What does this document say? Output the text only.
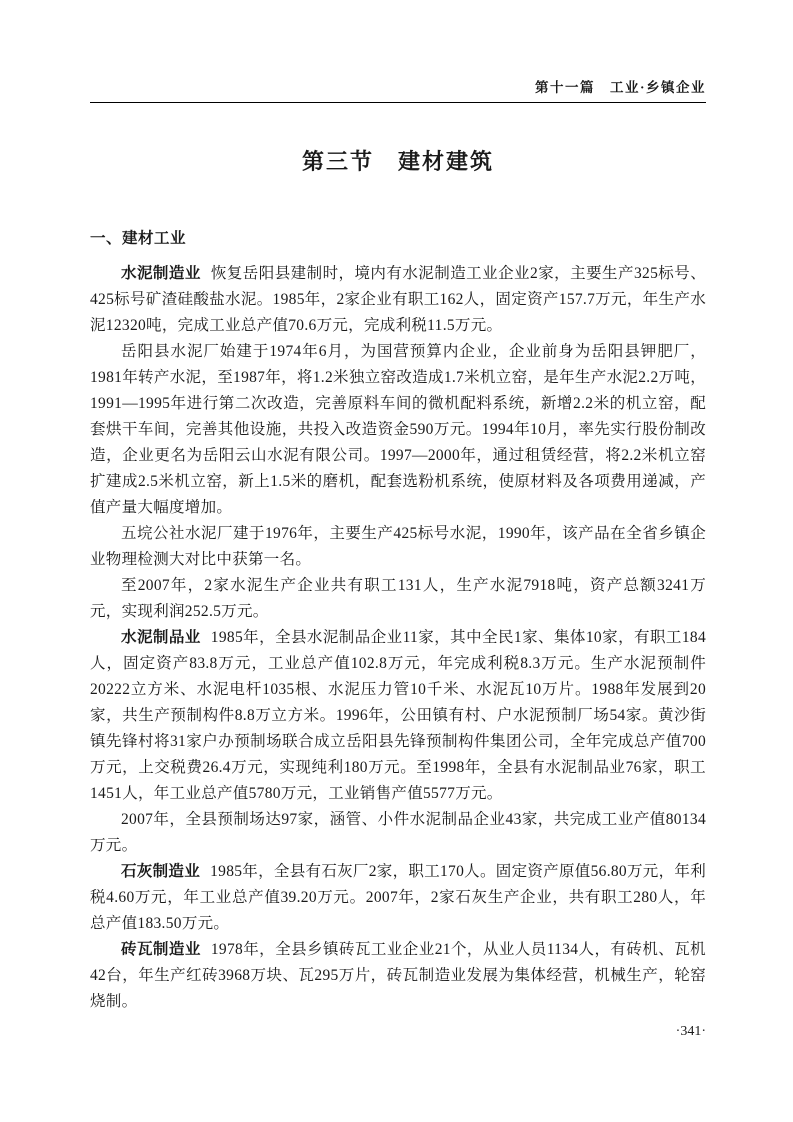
第十一篇　工业·乡镇企业
第三节　建材建筑
一、建材工业

水泥制造业 恢复岳阳县建制时，境内有水泥制造工业企业2家，主要生产325标号、425标号矿渣硅酸盐水泥。1985年，2家企业有职工162人，固定资产157.7万元，年生产水泥12320吨，完成工业总产值70.6万元，完成利税11.5万元。

岳阳县水泥厂始建于1974年6月，为国营预算内企业，企业前身为岳阳县钾肥厂，1981年转产水泥，至1987年，将1.2米独立窑改造成1.7米机立窑，是年生产水泥2.2万吨，1991—1995年进行第二次改造，完善原料车间的微机配料系统，新增2.2米的机立窑，配套烘干车间，完善其他设施，共投入改造资金590万元。1994年10月，率先实行股份制改造，企业更名为岳阳云山水泥有限公司。1997—2000年，通过租赁经营，将2.2米机立窑扩建成2.5米机立窑，新上1.5米的磨机，配套选粉机系统，使原材料及各项费用递减，产值产量大幅度增加。

五垸公社水泥厂建于1976年，主要生产425标号水泥，1990年，该产品在全省乡镇企业物理检测大对比中获第一名。

至2007年，2家水泥生产企业共有职工131人，生产水泥7918吨，资产总额3241万元，实现利润252.5万元。

水泥制品业 1985年，全县水泥制品企业11家，其中全民1家、集体10家，有职工184人，固定资产83.8万元，工业总产值102.8万元，年完成利税8.3万元。生产水泥预制件20222立方米、水泥电杆1035根、水泥压力管10千米、水泥瓦10万片。1988年发展到20家，共生产预制构件8.8万立方米。1996年，公田镇有村、户水泥预制厂场54家。黄沙街镇先锋村将31家户办预制场联合成立岳阳县先锋预制构件集团公司，全年完成总产值700万元，上交税费26.4万元，实现纯利180万元。至1998年，全县有水泥制品业76家，职工1451人，年工业总产值5780万元，工业销售产值5577万元。

2007年，全县预制场达97家，涵管、小件水泥制品企业43家，共完成工业产值80134万元。

石灰制造业 1985年，全县有石灰厂2家，职工170人。固定资产原值56.80万元，年利税4.60万元，年工业总产值39.20万元。2007年，2家石灰生产企业，共有职工280人，年总产值183.50万元。

砖瓦制造业 1978年，全县乡镇砖瓦工业企业21个，从业人员1134人，有砖机、瓦机42台，年生产红砖3968万块、瓦295万片，砖瓦制造业发展为集体经营，机械生产，轮窑烧制。

·341·
